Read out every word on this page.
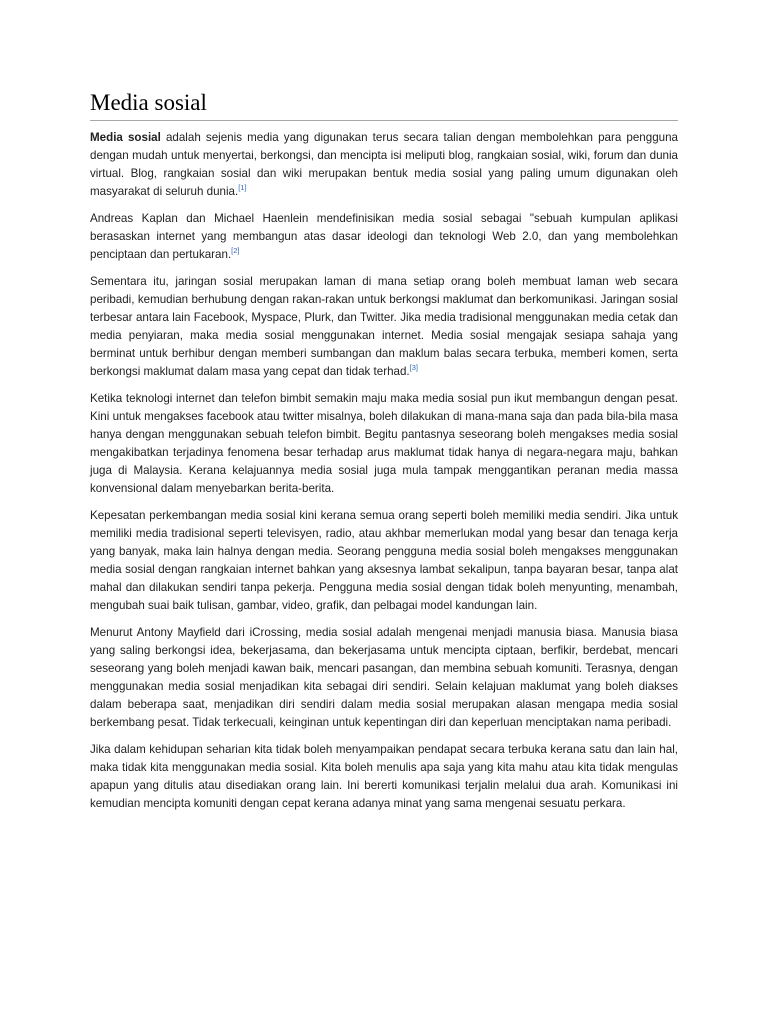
Media sosial

Media sosial adalah sejenis media yang digunakan terus secara talian dengan membolehkan para pengguna dengan mudah untuk menyertai, berkongsi, dan mencipta isi meliputi blog, rangkaian sosial, wiki, forum dan dunia virtual. Blog, rangkaian sosial dan wiki merupakan bentuk media sosial yang paling umum digunakan oleh masyarakat di seluruh dunia.[1]

Andreas Kaplan dan Michael Haenlein mendefinisikan media sosial sebagai "sebuah kumpulan aplikasi berasaskan internet yang membangun atas dasar ideologi dan teknologi Web 2.0, dan yang membolehkan penciptaan dan pertukaran.[2]

Sementara itu, jaringan sosial merupakan laman di mana setiap orang boleh membuat laman web secara peribadi, kemudian berhubung dengan rakan-rakan untuk berkongsi maklumat dan berkomunikasi. Jaringan sosial terbesar antara lain Facebook, Myspace, Plurk, dan Twitter. Jika media tradisional menggunakan media cetak dan media penyiaran, maka media sosial menggunakan internet. Media sosial mengajak sesiapa sahaja yang berminat untuk berhibur dengan memberi sumbangan dan maklum balas secara terbuka, memberi komen, serta berkongsi maklumat dalam masa yang cepat dan tidak terhad.[3]

Ketika teknologi internet dan telefon bimbit semakin maju maka media sosial pun ikut membangun dengan pesat. Kini untuk mengakses facebook atau twitter misalnya, boleh dilakukan di mana-mana saja dan pada bila-bila masa hanya dengan menggunakan sebuah telefon bimbit. Begitu pantasnya seseorang boleh mengakses media sosial mengakibatkan terjadinya fenomena besar terhadap arus maklumat tidak hanya di negara-negara maju, bahkan juga di Malaysia. Kerana kelajuannya media sosial juga mula tampak menggantikan peranan media massa konvensional dalam menyebarkan berita-berita.

Kepesatan perkembangan media sosial kini kerana semua orang seperti boleh memiliki media sendiri. Jika untuk memiliki media tradisional seperti televisyen, radio, atau akhbar memerlukan modal yang besar dan tenaga kerja yang banyak, maka lain halnya dengan media. Seorang pengguna media sosial boleh mengakses menggunakan media sosial dengan rangkaian internet bahkan yang aksesnya lambat sekalipun, tanpa bayaran besar, tanpa alat mahal dan dilakukan sendiri tanpa pekerja. Pengguna media sosial dengan tidak boleh menyunting, menambah, mengubah suai baik tulisan, gambar, video, grafik, dan pelbagai model kandungan lain.

Menurut Antony Mayfield dari iCrossing, media sosial adalah mengenai menjadi manusia biasa. Manusia biasa yang saling berkongsi idea, bekerjasama, dan bekerjasama untuk mencipta ciptaan, berfikir, berdebat, mencari seseorang yang boleh menjadi kawan baik, mencari pasangan, dan membina sebuah komuniti. Terasnya, dengan menggunakan media sosial menjadikan kita sebagai diri sendiri. Selain kelajuan maklumat yang boleh diakses dalam beberapa saat, menjadikan diri sendiri dalam media sosial merupakan alasan mengapa media sosial berkembang pesat. Tidak terkecuali, keinginan untuk kepentingan diri dan keperluan menciptakan nama peribadi.

Jika dalam kehidupan seharian kita tidak boleh menyampaikan pendapat secara terbuka kerana satu dan lain hal, maka tidak kita menggunakan media sosial. Kita boleh menulis apa saja yang kita mahu atau kita tidak mengulas apapun yang ditulis atau disediakan orang lain. Ini bererti komunikasi terjalin melalui dua arah. Komunikasi ini kemudian mencipta komuniti dengan cepat kerana adanya minat yang sama mengenai sesuatu perkara.
